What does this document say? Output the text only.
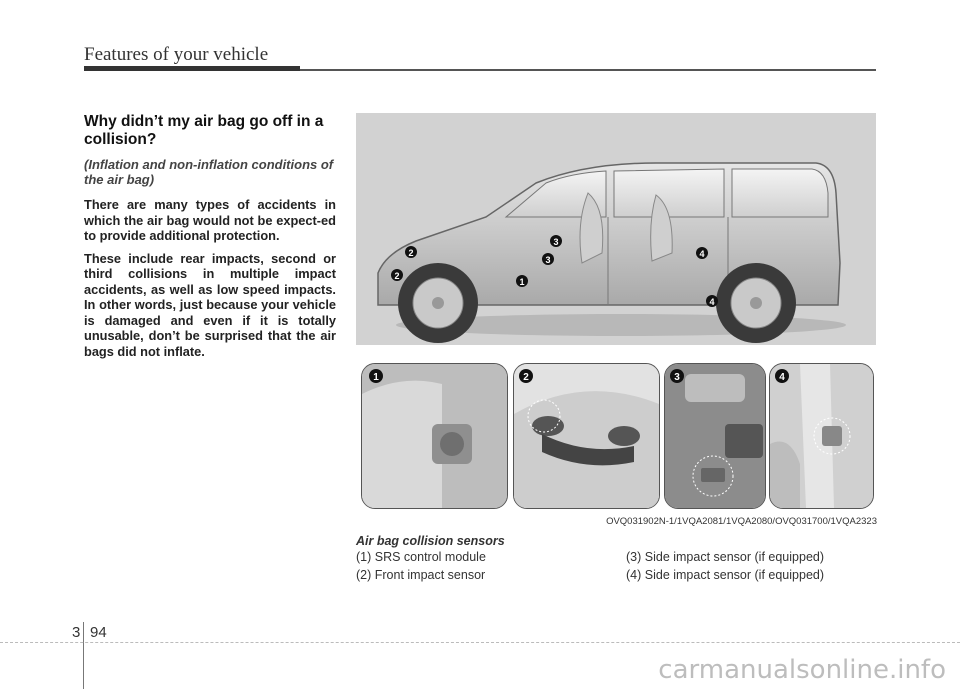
Features of your vehicle

Why didn’t my air bag go off in a collision?

(Inflation and non-inflation conditions of the air bag)

There are many types of accidents in which the air bag would not be expect-ed to provide additional protection.

These include rear impacts, second or third collisions in multiple impact accidents, as well as low speed impacts. In other words, just because your vehicle is damaged and even if it is totally unusable, don’t be surprised that the air bags did not inflate.

1
2
2
3
3
4
4
1	2	3	4
OVQ031902N-1/1VQA2081/1VQA2080/OVQ031700/1VQA2323
Air bag collision sensors
(1) SRS control module
(2) Front impact sensor
(3) Side impact sensor (if equipped)
(4) Side impact sensor (if equipped)
3 94
carmanualsonline.info
